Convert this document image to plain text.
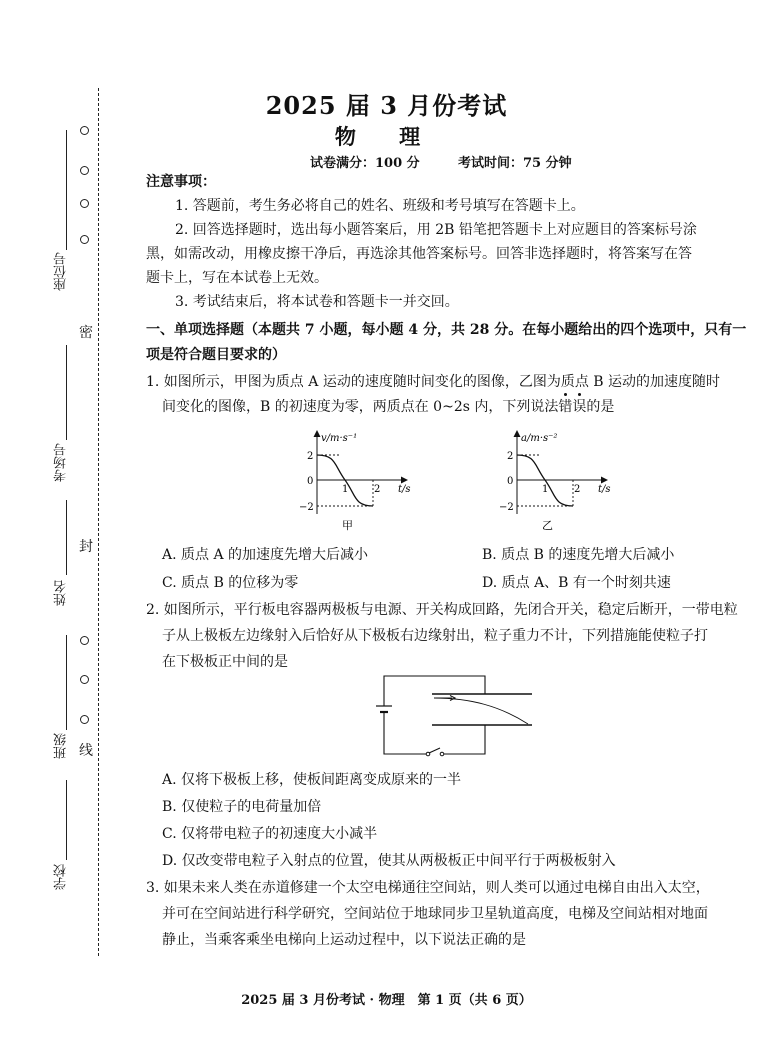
座位号
考场号
姓名
班级
学校
密
封
线
2025 届 3 月份考试
物 理
试卷满分：100 分	考试时间：75 分钟
注意事项：
1. 答题前，考生务必将自己的姓名、班级和考号填写在答题卡上。
2. 回答选择题时，选出每小题答案后，用 2B 铅笔把答题卡上对应题目的答案标号涂
黑，如需改动，用橡皮擦干净后，再选涂其他答案标号。回答非选择题时，将答案写在答
题卡上，写在本试卷上无效。
3. 考试结束后，将本试卷和答题卡一并交回。
一、单项选择题（本题共 7 小题，每小题 4 分，共 28 分。在每小题给出的四个选项中，只有一
项是符合题目要求的）
1. 如图所示，甲图为质点 A 运动的速度随时间变化的图像，乙图为质点 B 运动的加速度随时
间变化的图像，B 的初速度为零，两质点在 0~2s 内，下列说法错误的是
v/m·s⁻¹
2
0
−2
1	2 t/s
甲
a/m·s⁻²
2
0
−2
1	2 t/s
乙
A. 质点 A 的加速度先增大后减小	B. 质点 B 的速度先增大后减小
C. 质点 B 的位移为零	D. 质点 A、B 有一个时刻共速
2. 如图所示，平行板电容器两极板与电源、开关构成回路，先闭合开关，稳定后断开，一带电粒
子从上极板左边缘射入后恰好从下极板右边缘射出，粒子重力不计，下列措施能使粒子打
在下极板正中间的是
A. 仅将下极板上移，使板间距离变成原来的一半
B. 仅使粒子的电荷量加倍
C. 仅将带电粒子的初速度大小减半
D. 仅改变带电粒子入射点的位置，使其从两极板正中间平行于两极板射入
3. 如果未来人类在赤道修建一个太空电梯通往空间站，则人类可以通过电梯自由出入太空，
并可在空间站进行科学研究，空间站位于地球同步卫星轨道高度，电梯及空间站相对地面
静止，当乘客乘坐电梯向上运动过程中，以下说法正确的是
2025 届 3 月份考试 · 物理　第 1 页（共 6 页）
